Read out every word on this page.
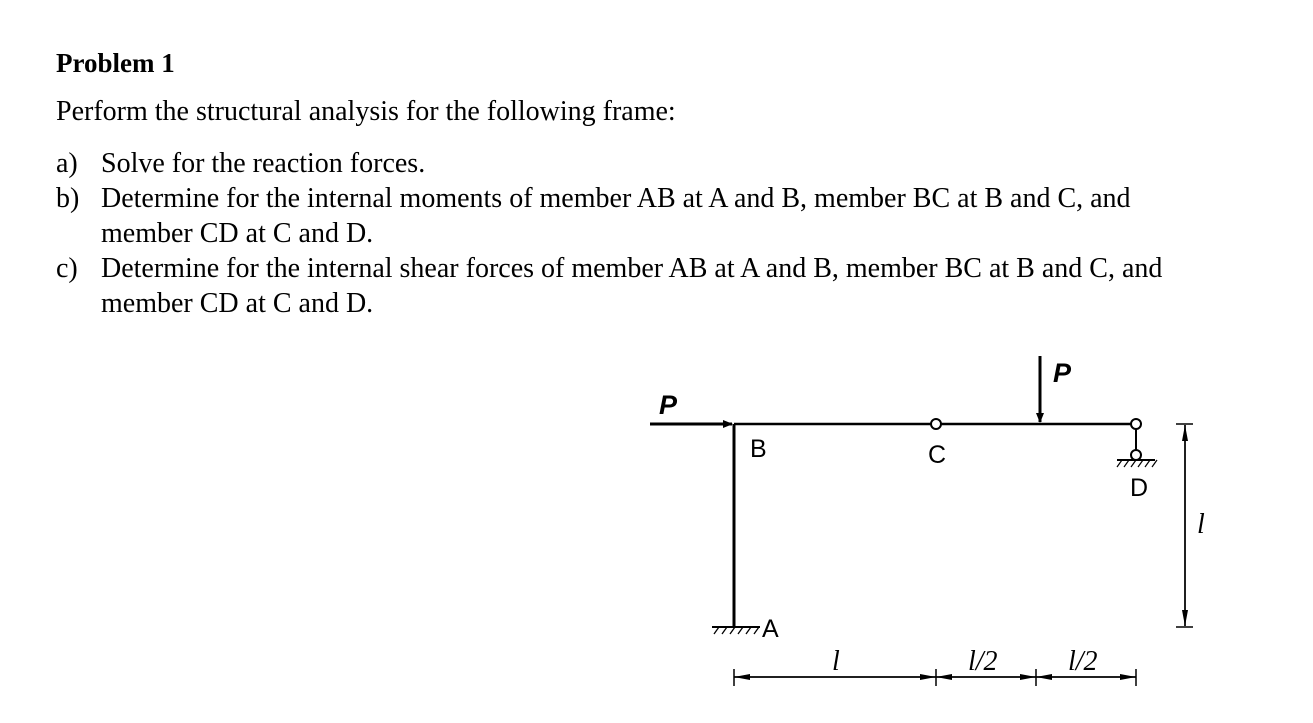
Problem 1
Perform the structural analysis for the following frame:
a) Solve for the reaction forces.
b) Determine for the internal moments of member AB at A and B, member BC at B and C, and
member CD at C and D.
c) Determine for the internal shear forces of member AB at A and B, member BC at B and C, and
member CD at C and D.
P
P
B	C
D
A
l	l/2	l/2
l
